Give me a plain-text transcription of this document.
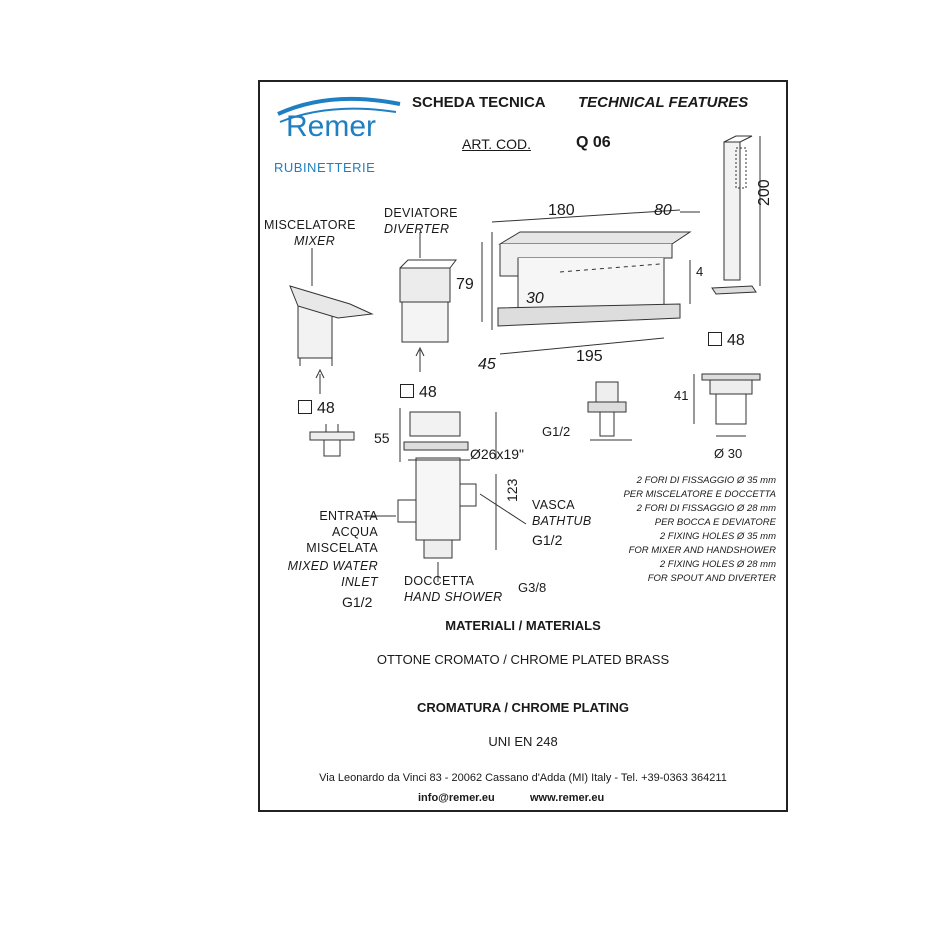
Remer
RUBINETTERIE
SCHEDA TECNICA TECHNICAL FEATURES
ART. COD.	Q 06
MISCELATORE
MIXER
48
DEVIATORE
DIVERTER
48
180	80
79
30
4
195
45
200
48
G1/2
41
Ø 30
55
Ø26x19"
123
ENTRATA
ACQUA
MISCELATA
MIXED WATER
INLET
G1/2
VASCA
BATHTUB
G1/2
DOCCETTA
HAND SHOWER
G3/8
2 FORI DI FISSAGGIO Ø 35 mm
PER MISCELATORE E DOCCETTA
2 FORI DI FISSAGGIO Ø 28 mm
PER BOCCA E DEVIATORE
2 FIXING HOLES Ø 35 mm
FOR MIXER AND HANDSHOWER
2 FIXING HOLES Ø 28 mm
FOR SPOUT AND DIVERTER
MATERIALI / MATERIALS
OTTONE CROMATO / CHROME PLATED BRASS
CROMATURA / CHROME PLATING
UNI EN 248
Via Leonardo da Vinci 83 - 20062 Cassano d'Adda (MI) Italy - Tel. +39-0363 364211
info@remer.eu	www.remer.eu
